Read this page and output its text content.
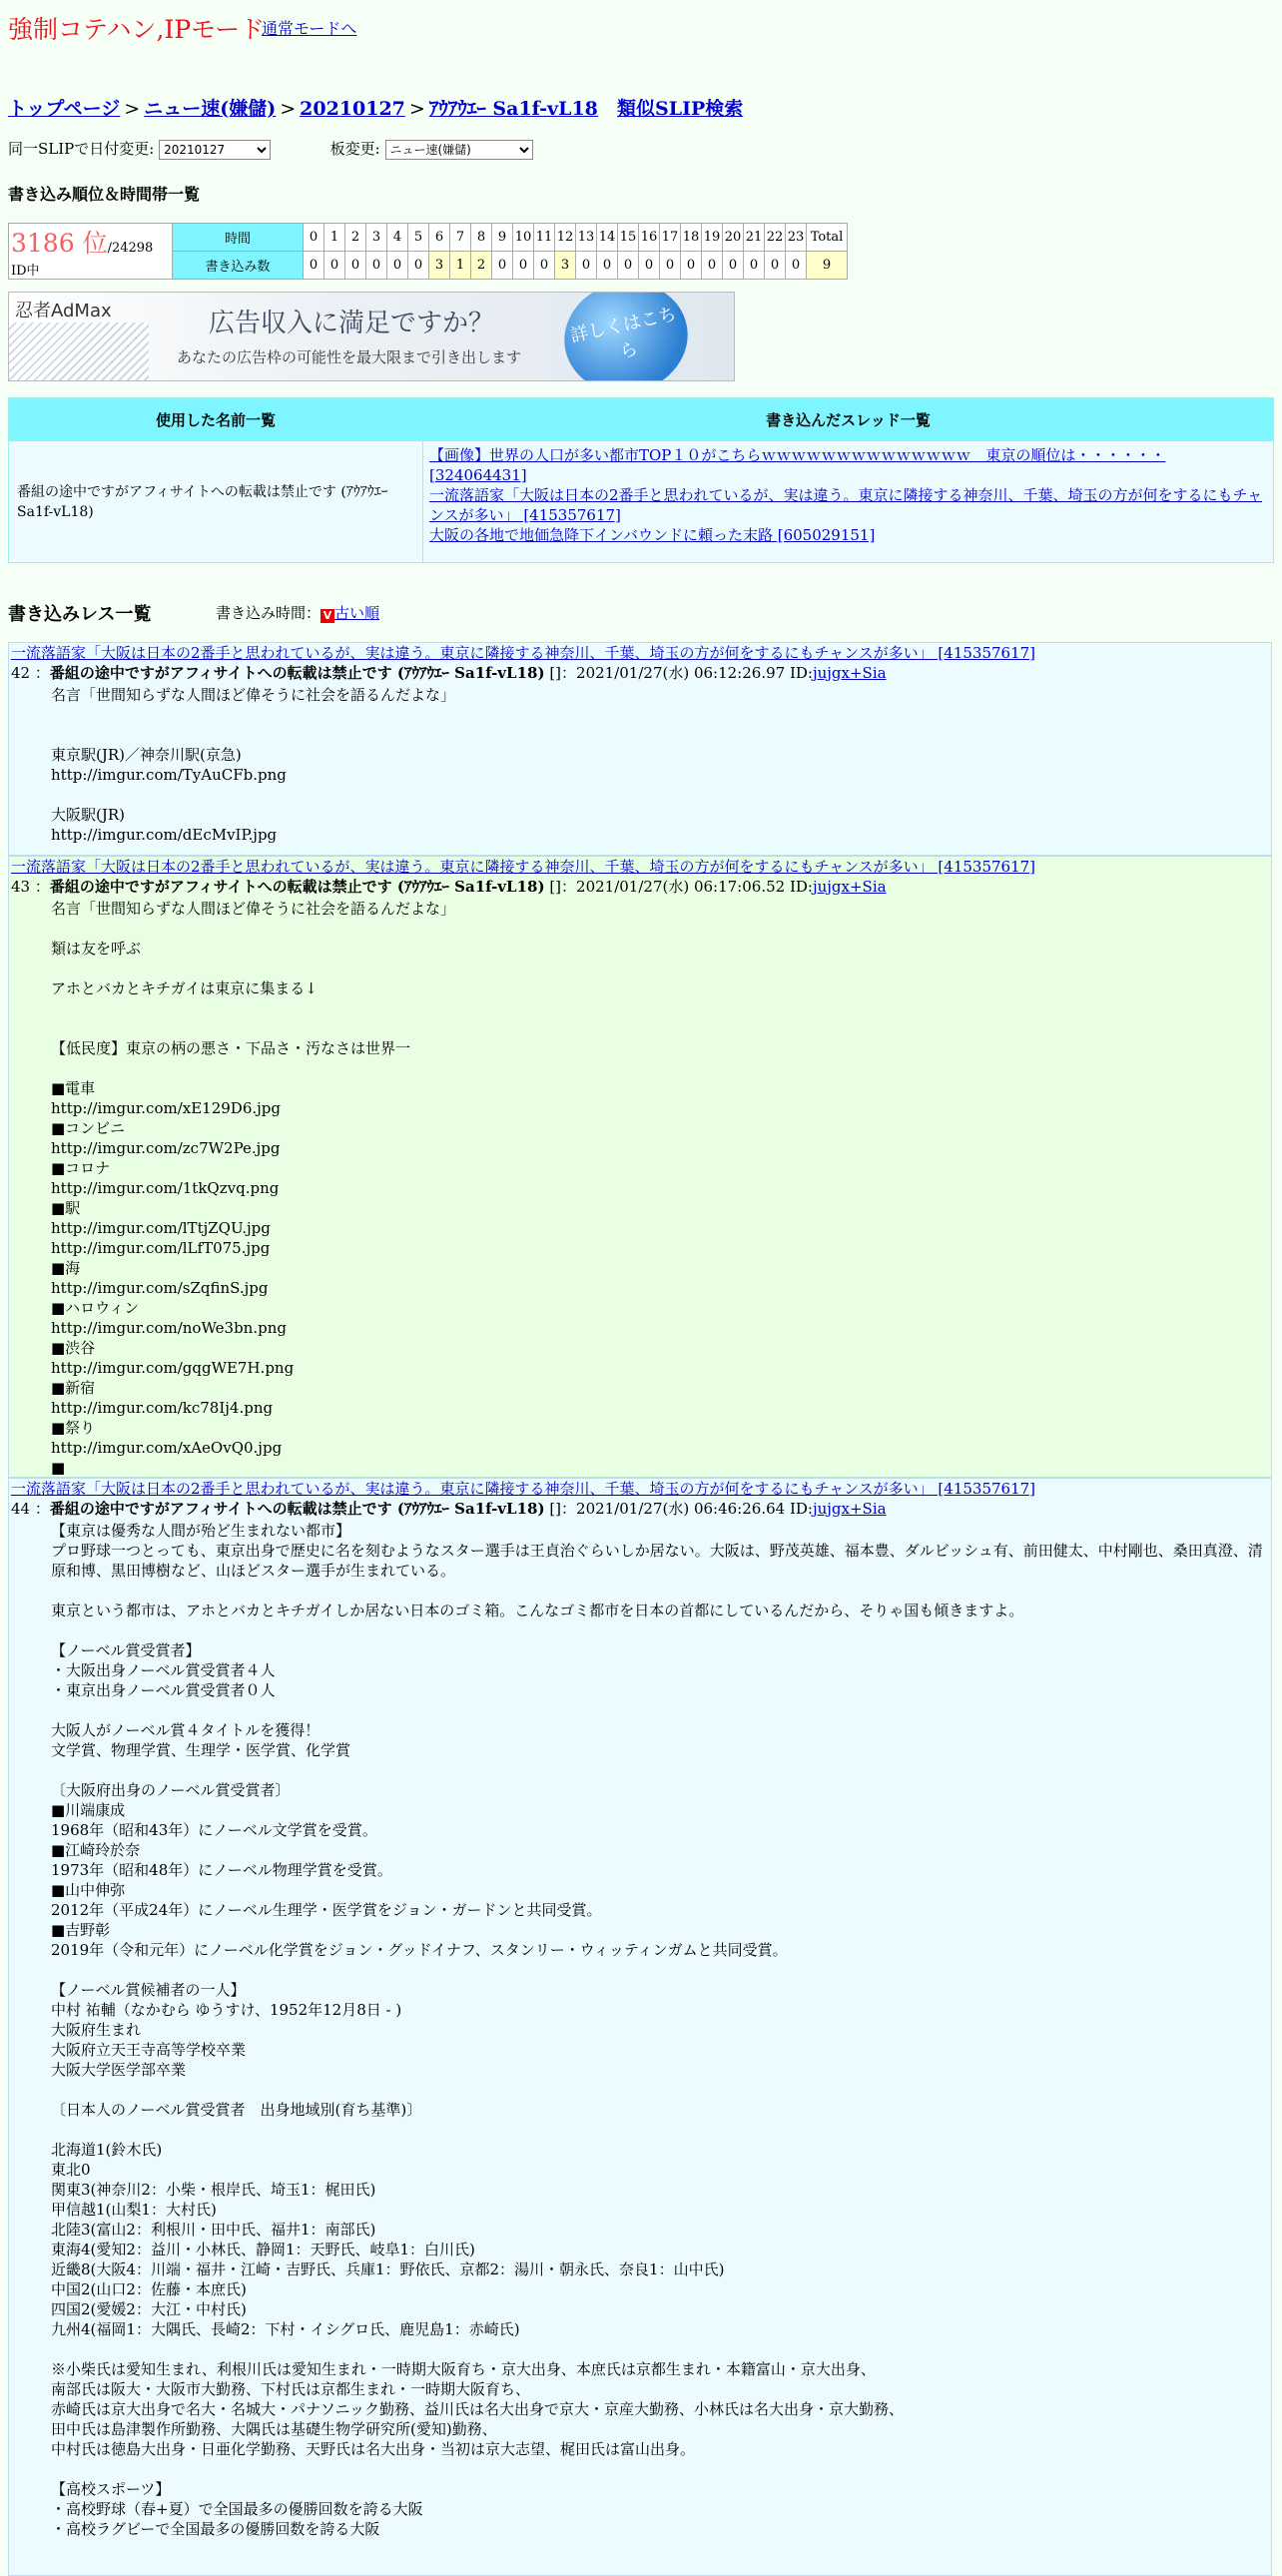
強制コテハン,IPモード
通常モードへ
トップページ > ニュー速(嫌儲) > 20210127 > ｱｳｱｳｴｰ Sa1f-vL18 類似SLIP検索
同一SLIPで日付変更:
20210127	板変更:
ニュー速(嫌儲)
書き込み順位＆時間帯一覧
3186 位/24298 ID中	時間	0	1	2	3	4	5	6	7	8	9	10	11	12	13	14	15	16	17	18	19	20	21	22	23	Total
	書き込み数	0	0	0	0	0	0	3	1	2	0	0	0	3	0	0	0	0	0	0	0	0	0	0	0	9
忍者AdMax	広告収入に満足ですか？
あなたの広告枠の可能性を最大限まで引き出します
詳しくはこちら
使用した名前一覧	書き込んだスレッド一覧
番組の途中ですがアフィサイトへの転載は禁止です (ｱｳｱｳｴｰ Sa1f-vL18)	【画像】世界の人口が多い都市TOP１０がこちらｗｗｗｗｗｗｗｗｗｗｗｗｗｗ　東京の順位は・・・・・・ [324064431]
一流落語家「大阪は日本の2番手と思われているが、実は違う。東京に隣接する神奈川、千葉、埼玉の方が何をするにもチャンスが多い」 [415357617]
大阪の各地で地価急降下インバウンドに頼った末路 [605029151]
書き込みレス一覧	書き込み時間： V 古い順
一流落語家「大阪は日本の2番手と思われているが、実は違う。東京に隣接する神奈川、千葉、埼玉の方が何をするにもチャンスが多い」 [415357617]
42 ：番組の途中ですがアフィサイトへの転載は禁止です (ｱｳｱｳｴｰ Sa1f-vL18) []：2021/01/27(水) 06:12:26.97 ID:jujgx+Sia
名言「世間知らずな人間ほど偉そうに社会を語るんだよな」

東京駅(JR)／神奈川駅(京急)
http://imgur.com/TyAuCFb.png

大阪駅(JR)
http://imgur.com/dEcMvIP.jpg
一流落語家「大阪は日本の2番手と思われているが、実は違う。東京に隣接する神奈川、千葉、埼玉の方が何をするにもチャンスが多い」 [415357617]
43 ：番組の途中ですがアフィサイトへの転載は禁止です (ｱｳｱｳｴｰ Sa1f-vL18) []：2021/01/27(水) 06:17:06.52 ID:jujgx+Sia
名言「世間知らずな人間ほど偉そうに社会を語るんだよな」

類は友を呼ぶ

アホとバカとキチガイは東京に集まる↓

【低民度】東京の柄の悪さ・下品さ・汚なさは世界一

■電車
http://imgur.com/xE129D6.jpg
■コンビニ
http://imgur.com/zc7W2Pe.jpg
■コロナ
http://imgur.com/1tkQzvq.png
■駅
http://imgur.com/lTtjZQU.jpg
http://imgur.com/lLfT075.jpg
■海
http://imgur.com/sZqfinS.jpg
■ハロウィン
http://imgur.com/noWe3bn.png
■渋谷
http://imgur.com/gqgWE7H.png
■新宿
http://imgur.com/kc78Ij4.png
■祭り
http://imgur.com/xAeOvQ0.jpg
■
一流落語家「大阪は日本の2番手と思われているが、実は違う。東京に隣接する神奈川、千葉、埼玉の方が何をするにもチャンスが多い」 [415357617]
44 ：番組の途中ですがアフィサイトへの転載は禁止です (ｱｳｱｳｴｰ Sa1f-vL18) []：2021/01/27(水) 06:46:26.64 ID:jujgx+Sia
【東京は優秀な人間が殆ど生まれない都市】
プロ野球一つとっても、東京出身で歴史に名を刻むようなスター選手は王貞治ぐらいしか居ない。大阪は、野茂英雄、福本豊、ダルビッシュ有、前田健太、中村剛也、桑田真澄、清原和博、黒田博樹など、山ほどスター選手が生まれている。

東京という都市は、アホとバカとキチガイしか居ない日本のゴミ箱。こんなゴミ都市を日本の首都にしているんだから、そりゃ国も傾きますよ。

【ノーベル賞受賞者】
・大阪出身ノーベル賞受賞者４人
・東京出身ノーベル賞受賞者０人

大阪人がノーベル賞４タイトルを獲得！
文学賞、物理学賞、生理学・医学賞、化学賞

〔大阪府出身のノーベル賞受賞者〕
■川端康成
1968年（昭和43年）にノーベル文学賞を受賞。
■江崎玲於奈
1973年（昭和48年）にノーベル物理学賞を受賞。
■山中伸弥
2012年（平成24年）にノーベル生理学・医学賞をジョン・ガードンと共同受賞。
■吉野彰
2019年（令和元年）にノーベル化学賞をジョン・グッドイナフ、スタンリー・ウィッティンガムと共同受賞。

【ノーベル賞候補者の一人】
中村 祐輔（なかむら ゆうすけ、1952年12月8日 - )
大阪府生まれ
大阪府立天王寺高等学校卒業
大阪大学医学部卒業

〔日本人のノーベル賞受賞者　出身地域別(育ち基準)〕

北海道1(鈴木氏)
東北0
関東3(神奈川2：小柴・根岸氏、埼玉1：梶田氏)
甲信越1(山梨1：大村氏)
北陸3(富山2：利根川・田中氏、福井1：南部氏)
東海4(愛知2：益川・小林氏、静岡1：天野氏、岐阜1：白川氏)
近畿8(大阪4：川端・福井・江崎・吉野氏、兵庫1：野依氏、京都2：湯川・朝永氏、奈良1：山中氏)
中国2(山口2：佐藤・本庶氏)
四国2(愛媛2：大江・中村氏)
九州4(福岡1：大隅氏、長崎2：下村・イシグロ氏、鹿児島1：赤崎氏)

※小柴氏は愛知生まれ、利根川氏は愛知生まれ・一時期大阪育ち・京大出身、本庶氏は京都生まれ・本籍富山・京大出身、
南部氏は阪大・大阪市大勤務、下村氏は京都生まれ・一時期大阪育ち、
赤崎氏は京大出身で名大・名城大・パナソニック勤務、益川氏は名大出身で京大・京産大勤務、小林氏は名大出身・京大勤務、
田中氏は島津製作所勤務、大隅氏は基礎生物学研究所(愛知)勤務、
中村氏は徳島大出身・日亜化学勤務、天野氏は名大出身・当初は京大志望、梶田氏は富山出身。

【高校スポーツ】
・高校野球（春+夏）で全国最多の優勝回数を誇る大阪
・高校ラグビーで全国最多の優勝回数を誇る大阪
